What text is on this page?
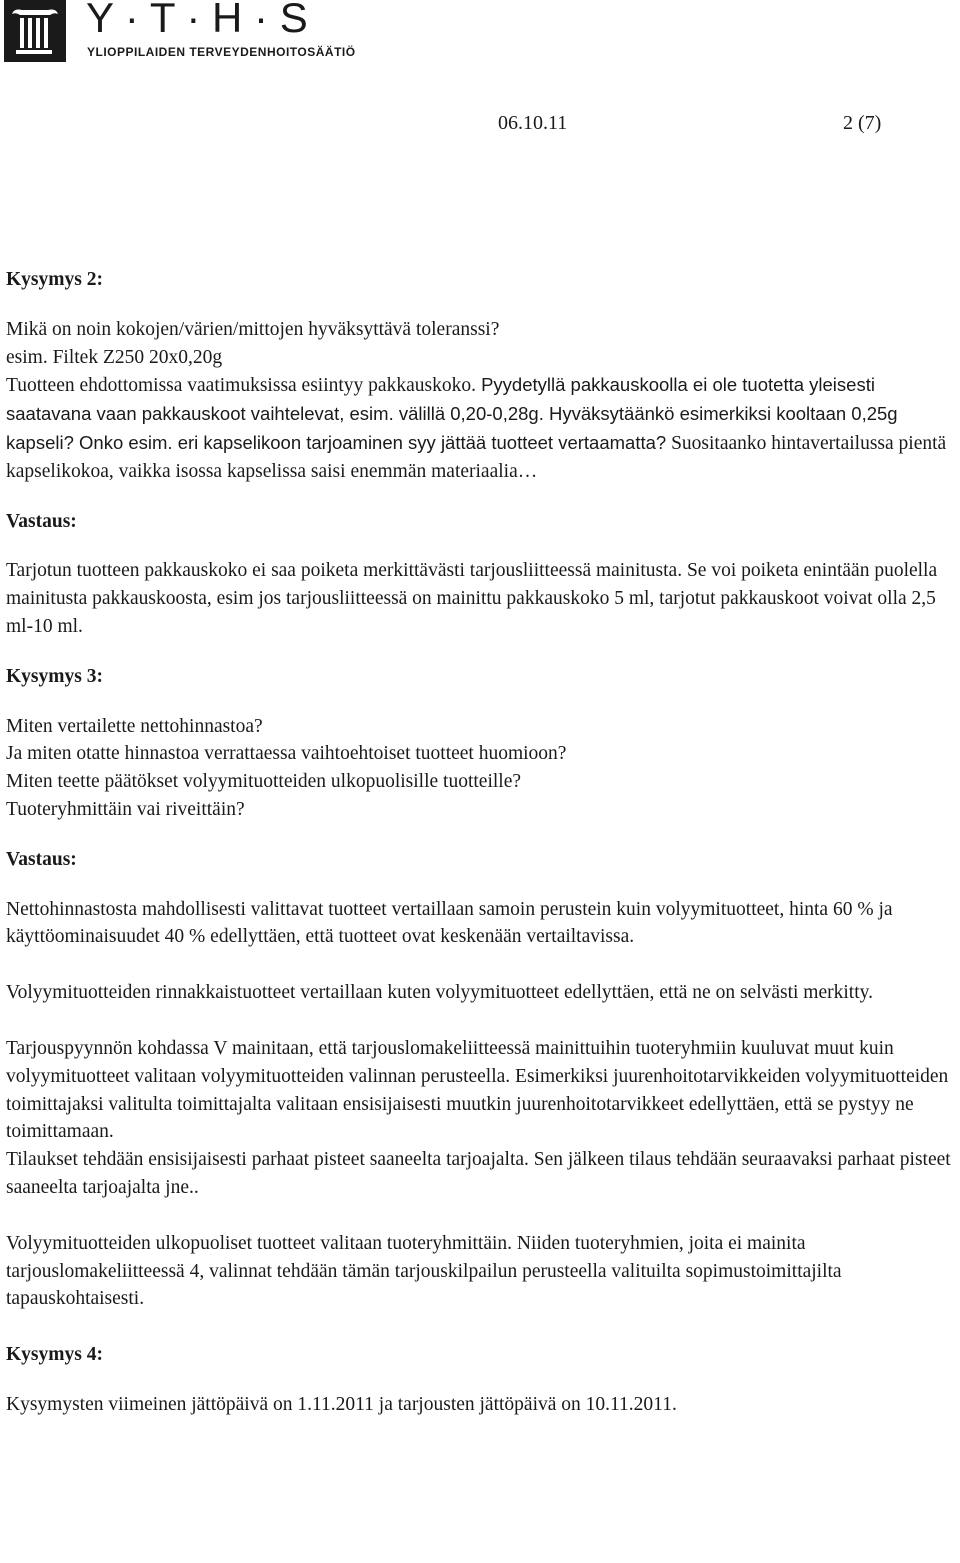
Y · T · H · S
YLIOPPILAIDEN TERVEYDENHOITOSÄÄTIÖ
06.10.11	2 (7)

Kysymys 2:

Mikä on noin kokojen/värien/mittojen hyväksyttävä toleranssi?

esim. Filtek Z250 20x0,20g

Tuotteen ehdottomissa vaatimuksissa esiintyy pakkauskoko. Pyydetyllä pakkauskoolla ei ole tuotetta yleisesti saatavana vaan pakkauskoot vaihtelevat, esim. välillä 0,20-0,28g. Hyväksytäänkö esimerkiksi kooltaan 0,25g kapseli? Onko esim. eri kapselikoon tarjoaminen syy jättää tuotteet vertaamatta? Suositaanko hintavertailussa pientä kapselikokoa, vaikka isossa kapselissa saisi enemmän materiaalia…

Vastaus:

Tarjotun tuotteen pakkauskoko ei saa poiketa merkittävästi tarjousliitteessä mainitusta. Se voi poiketa enintään puolella mainitusta pakkauskoosta, esim jos tarjousliitteessä on mainittu pakkauskoko 5 ml, tarjotut pakkauskoot voivat olla 2,5 ml-10 ml.

Kysymys 3:

Miten vertailette nettohinnastoa?

Ja miten otatte hinnastoa verrattaessa vaihtoehtoiset tuotteet huomioon?

Miten teette päätökset volyymituotteiden ulkopuolisille tuotteille?

Tuoteryhmittäin vai riveittäin?

Vastaus:

Nettohinnastosta mahdollisesti valittavat tuotteet vertaillaan samoin perustein kuin volyymituotteet, hinta 60 % ja käyttöominaisuudet 40 % edellyttäen, että tuotteet ovat keskenään vertailtavissa.

Volyymituotteiden rinnakkaistuotteet vertaillaan kuten volyymituotteet edellyttäen, että ne on selvästi merkitty.

Tarjouspyynnön kohdassa V mainitaan, että tarjouslomakeliitteessä mainittuihin tuoteryhmiin kuuluvat muut kuin volyymituotteet valitaan volyymituotteiden valinnan perusteella. Esimerkiksi juurenhoitotarvikkeiden volyymituotteiden toimittajaksi valitulta toimittajalta valitaan ensisijaisesti muutkin juurenhoitotarvikkeet edellyttäen, että se pystyy ne toimittamaan.

Tilaukset tehdään ensisijaisesti parhaat pisteet saaneelta tarjoajalta. Sen jälkeen tilaus tehdään seuraavaksi parhaat pisteet saaneelta tarjoajalta jne..

Volyymituotteiden ulkopuoliset tuotteet valitaan tuoteryhmittäin. Niiden tuoteryhmien, joita ei mainita tarjouslomakeliitteessä 4, valinnat tehdään tämän tarjouskilpailun perusteella valituilta sopimustoimittajilta tapauskohtaisesti.

Kysymys 4:

Kysymysten viimeinen jättöpäivä on 1.11.2011 ja tarjousten jättöpäivä on 10.11.2011.
